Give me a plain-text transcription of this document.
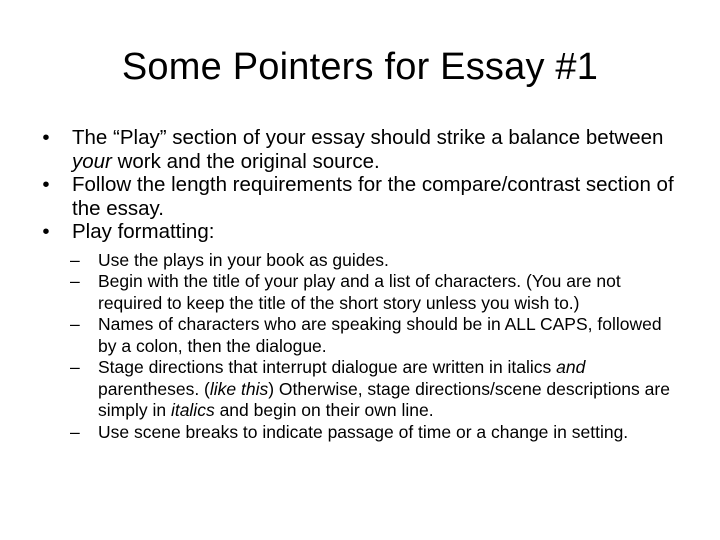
Some Pointers for Essay #1
•	The “Play” section of your essay should strike a balance between your work and the original source.
•	Follow the length requirements for the compare/contrast section of the essay.
•	Play formatting:
– Use the plays in your book as guides.
– Begin with the title of your play and a list of characters. (You are not required to keep the title of the short story unless you wish to.)
– Names of characters who are speaking should be in ALL CAPS, followed by a colon, then the dialogue.
– Stage directions that interrupt dialogue are written in italics and parentheses. (like this) Otherwise, stage directions/scene descriptions are simply in italics and begin on their own line.
– Use scene breaks to indicate passage of time or a change in setting.
